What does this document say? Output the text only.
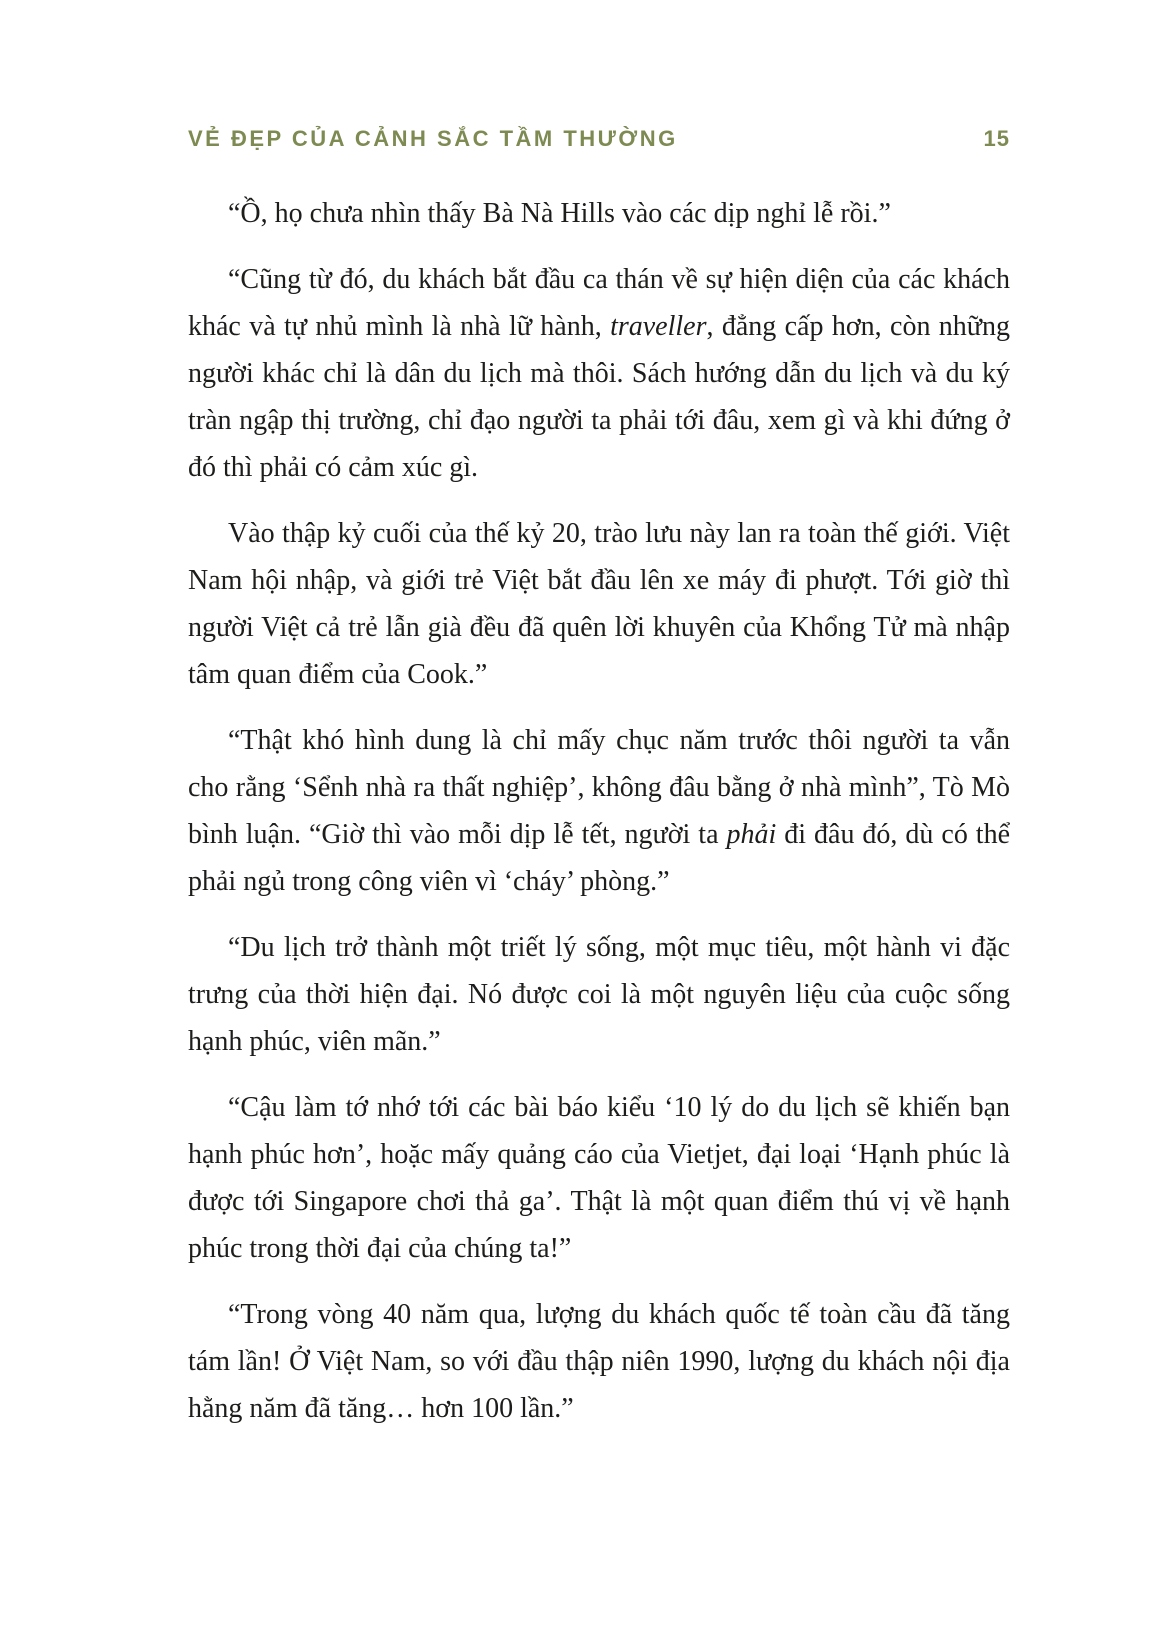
VẺ ĐẸP CỦA CẢNH SẮC TẦM THƯỜNG	15

“Ồ, họ chưa nhìn thấy Bà Nà Hills vào các dịp nghỉ lễ rồi.”

“Cũng từ đó, du khách bắt đầu ca thán về sự hiện diện của các khách khác và tự nhủ mình là nhà lữ hành, traveller, đẳng cấp hơn, còn những người khác chỉ là dân du lịch mà thôi. Sách hướng dẫn du lịch và du ký tràn ngập thị trường, chỉ đạo người ta phải tới đâu, xem gì và khi đứng ở đó thì phải có cảm xúc gì.

Vào thập kỷ cuối của thế kỷ 20, trào lưu này lan ra toàn thế giới. Việt Nam hội nhập, và giới trẻ Việt bắt đầu lên xe máy đi phượt. Tới giờ thì người Việt cả trẻ lẫn già đều đã quên lời khuyên của Khổng Tử mà nhập tâm quan điểm của Cook.”

“Thật khó hình dung là chỉ mấy chục năm trước thôi người ta vẫn cho rằng ‘Sểnh nhà ra thất nghiệp’, không đâu bằng ở nhà mình”, Tò Mò bình luận. “Giờ thì vào mỗi dịp lễ tết, người ta phải đi đâu đó, dù có thể phải ngủ trong công viên vì ‘cháy’ phòng.”

“Du lịch trở thành một triết lý sống, một mục tiêu, một hành vi đặc trưng của thời hiện đại. Nó được coi là một nguyên liệu của cuộc sống hạnh phúc, viên mãn.”

“Cậu làm tớ nhớ tới các bài báo kiểu ‘10 lý do du lịch sẽ khiến bạn hạnh phúc hơn’, hoặc mấy quảng cáo của Vietjet, đại loại ‘Hạnh phúc là được tới Singapore chơi thả ga’. Thật là một quan điểm thú vị về hạnh phúc trong thời đại của chúng ta!”

“Trong vòng 40 năm qua, lượng du khách quốc tế toàn cầu đã tăng tám lần! Ở Việt Nam, so với đầu thập niên 1990, lượng du khách nội địa hằng năm đã tăng… hơn 100 lần.”
